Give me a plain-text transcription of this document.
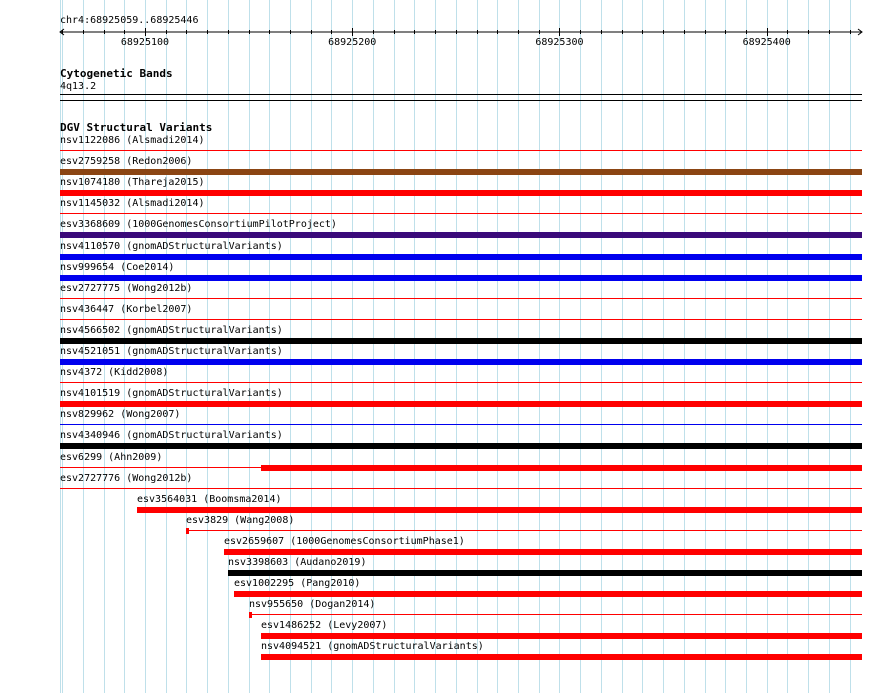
chr4:68925059..68925446
68925100	68925200	68925300	68925400
Cytogenetic Bands
4q13.2
DGV Structural Variants
nsv1122086 (Alsmadi2014)
esv2759258 (Redon2006)
nsv1074180 (Thareja2015)
nsv1145032 (Alsmadi2014)
esv3368609 (1000GenomesConsortiumPilotProject)
nsv4110570 (gnomADStructuralVariants)
nsv999654 (Coe2014)
esv2727775 (Wong2012b)
nsv436447 (Korbel2007)
nsv4566502 (gnomADStructuralVariants)
nsv4521051 (gnomADStructuralVariants)
nsv4372 (Kidd2008)
nsv4101519 (gnomADStructuralVariants)
nsv829962 (Wong2007)
nsv4340946 (gnomADStructuralVariants)
esv6299 (Ahn2009)
esv2727776 (Wong2012b)
esv3564031 (Boomsma2014)
esv3829 (Wang2008)
esv2659607 (1000GenomesConsortiumPhase1)
nsv3398603 (Audano2019)
esv1002295 (Pang2010)
nsv955650 (Dogan2014)
esv1486252 (Levy2007)
nsv4094521 (gnomADStructuralVariants)
